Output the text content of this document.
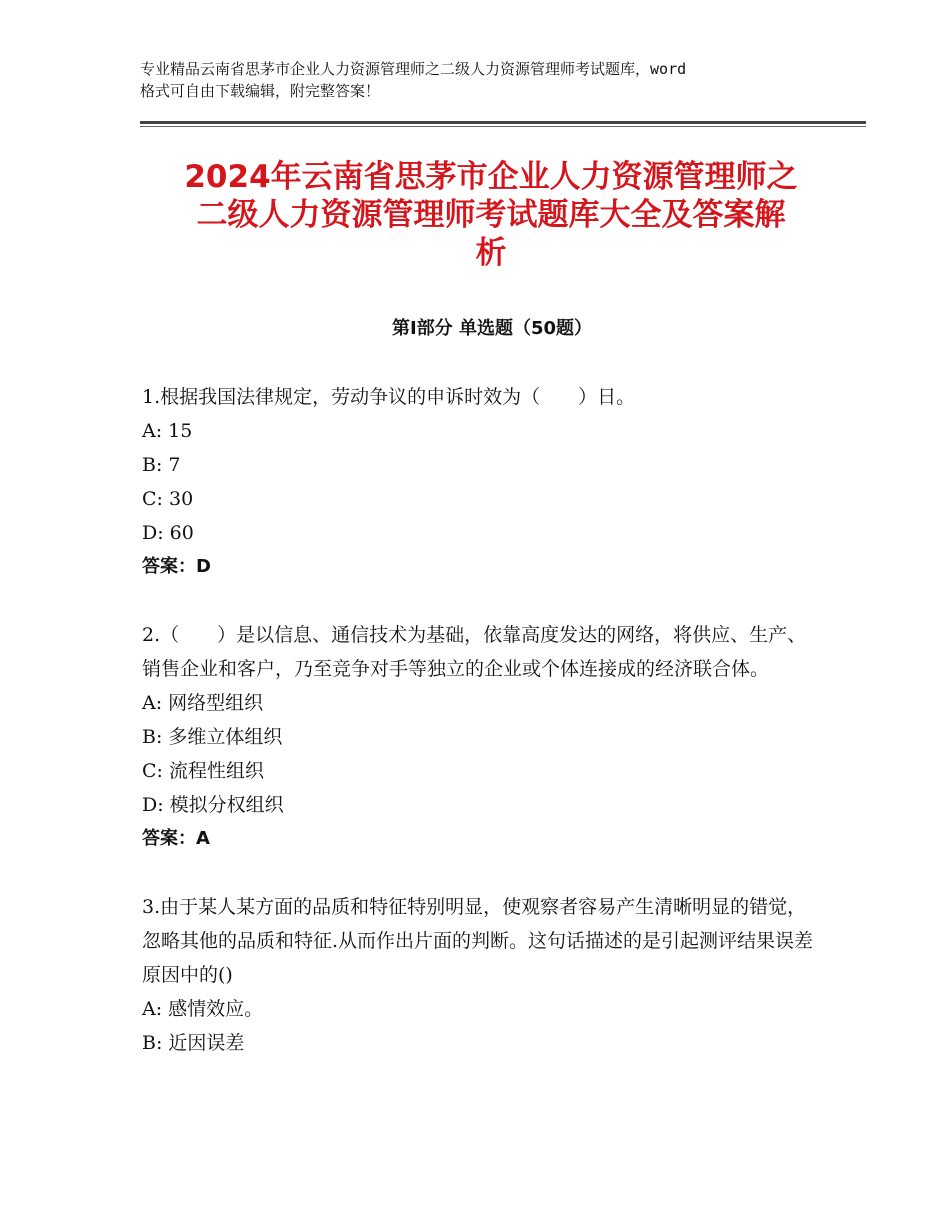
专业精品云南省思茅市企业人力资源管理师之二级人力资源管理师考试题库，word
格式可自由下载编辑，附完整答案！
2024年云南省思茅市企业人力资源管理师之
二级人力资源管理师考试题库大全及答案解
析
第Ⅰ部分 单选题（50题）

1.根据我国法律规定，劳动争议的申诉时效为（　　）日。

A: 15
B: 7
C: 30
D: 60
答案：D

2.（　　）是以信息、通信技术为基础，依靠高度发达的网络，将供应、生产、销售企业和客户，乃至竞争对手等独立的企业或个体连接成的经济联合体。

A: 网络型组织
B: 多维立体组织
C: 流程性组织
D: 模拟分权组织
答案：A

3.由于某人某方面的品质和特征特别明显，使观察者容易产生清晰明显的错觉，忽略其他的品质和特征.从而作出片面的判断。这句话描述的是引起测评结果误差原因中的()

A: 感情效应。
B: 近因误差
